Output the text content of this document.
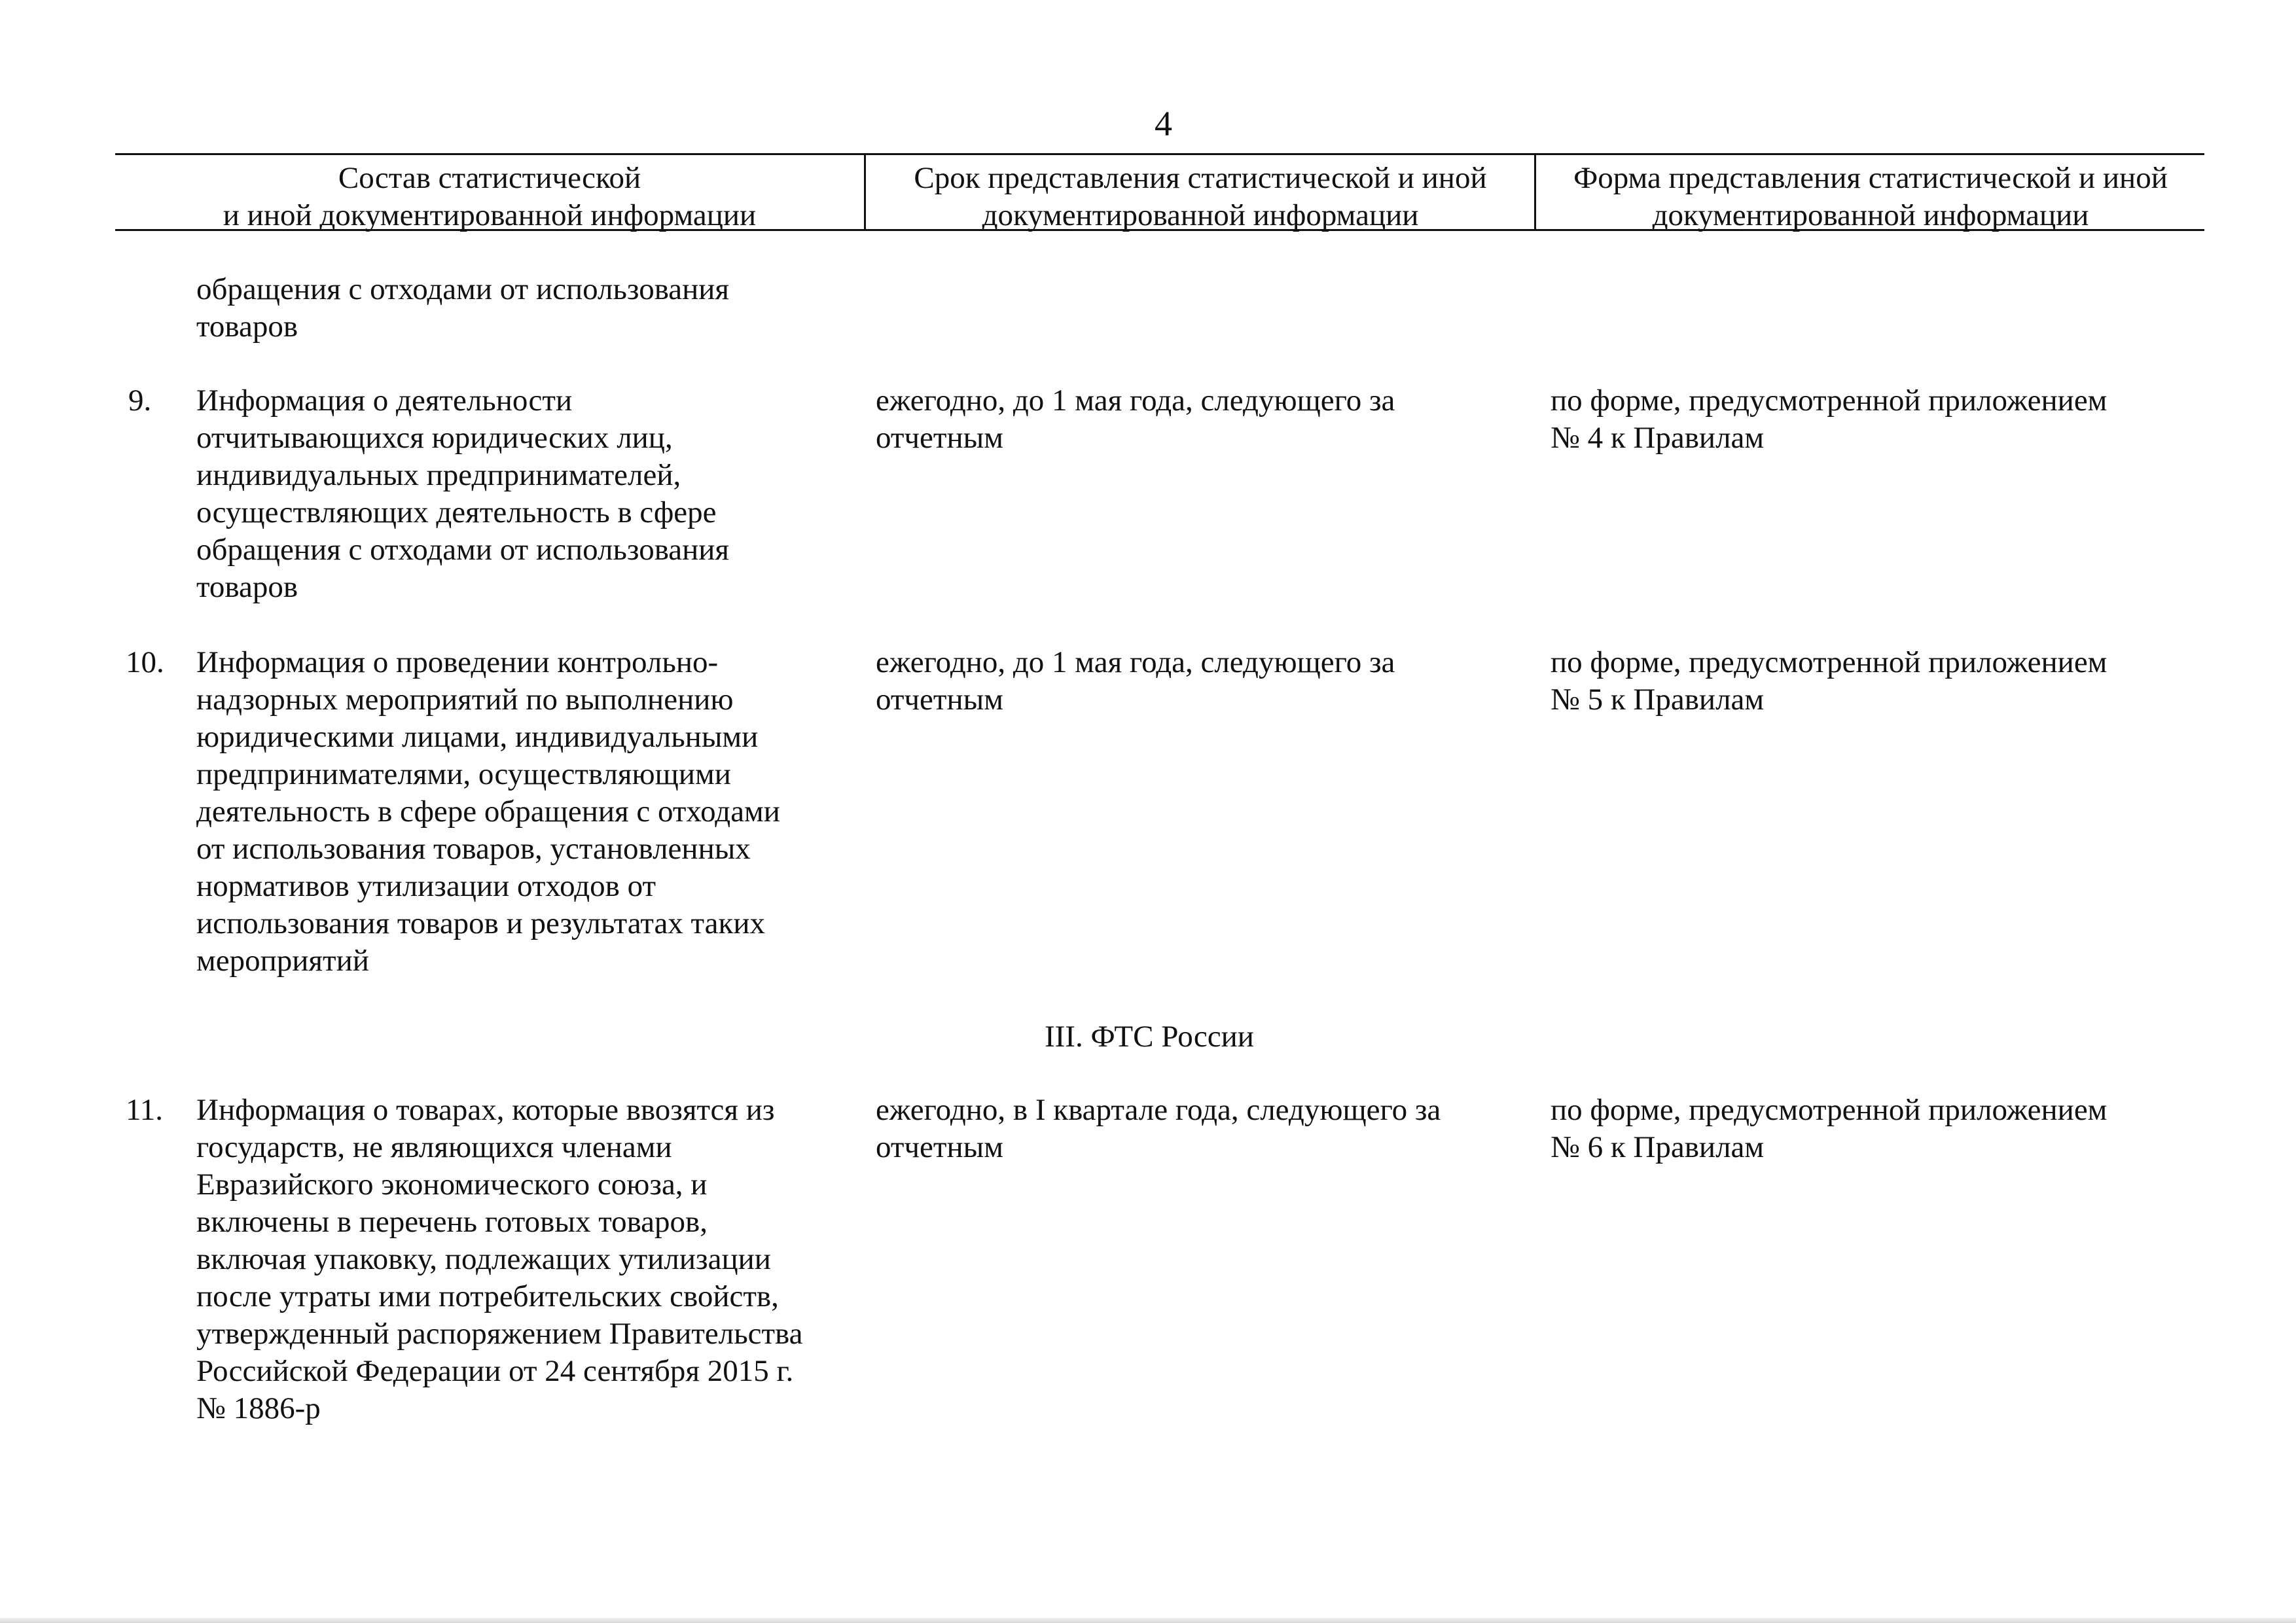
4
Состав статистической
и иной документированной информации
Срок представления статистической и иной
документированной информации
Форма представления статистической и иной
документированной информации
обращения с отходами от использования
товаров
9. Информация о деятельности
отчитывающихся юридических лиц,
индивидуальных предпринимателей,
осуществляющих деятельность в сфере
обращения с отходами от использования
товаров
ежегодно, до 1 мая года, следующего за
отчетным
по форме, предусмотренной приложением
№ 4 к Правилам
10. Информация о проведении контрольно-
надзорных мероприятий по выполнению
юридическими лицами, индивидуальными
предпринимателями, осуществляющими
деятельность в сфере обращения с отходами
от использования товаров, установленных
нормативов утилизации отходов от
использования товаров и результатах таких
мероприятий
ежегодно, до 1 мая года, следующего за
отчетным
по форме, предусмотренной приложением
№ 5 к Правилам
11. Информация о товарах, которые ввозятся из
государств, не являющихся членами
Евразийского экономического союза, и
включены в перечень готовых товаров,
включая упаковку, подлежащих утилизации
после утраты ими потребительских свойств,
утвержденный распоряжением Правительства
Российской Федерации от 24 сентября 2015 г.
№ 1886-р
ежегодно, в I квартале года, следующего за
отчетным
по форме, предусмотренной приложением
№ 6 к Правилам
III. ФТС России
